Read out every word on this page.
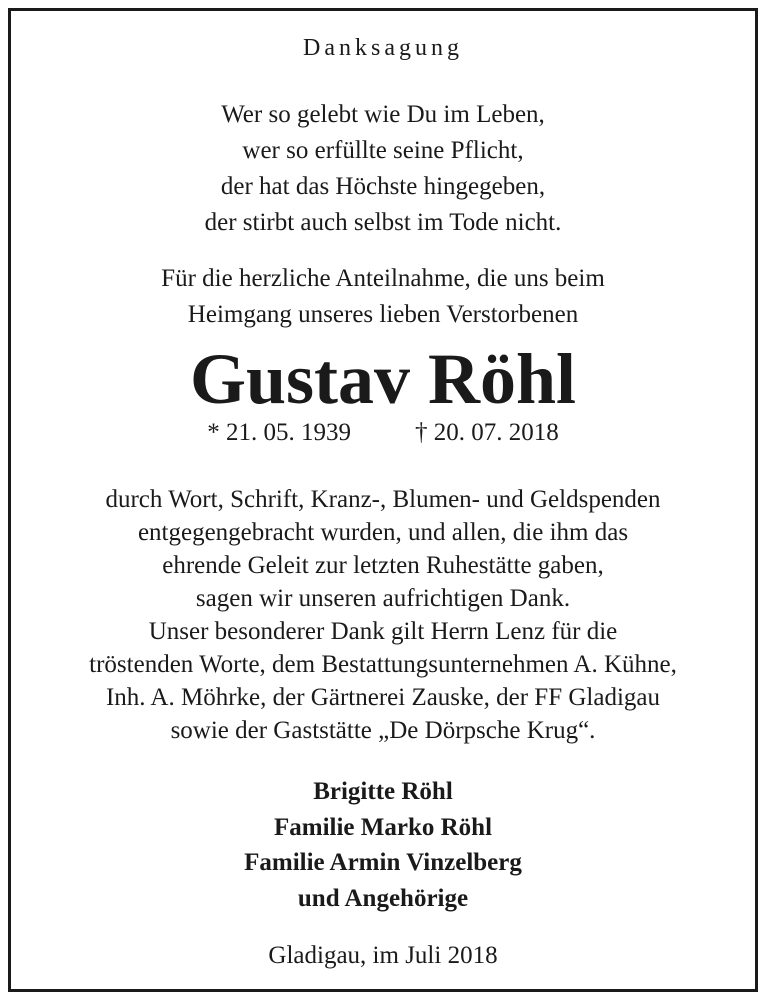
Danksagung
Wer so gelebt wie Du im Leben,
wer so erfüllte seine Pflicht,
der hat das Höchste hingegeben,
der stirbt auch selbst im Tode nicht.
Für die herzliche Anteilnahme, die uns beim
Heimgang unseres lieben Verstorbenen
Gustav Röhl
* 21. 05. 1939	† 20. 07. 2018
durch Wort, Schrift, Kranz-, Blumen- und Geldspenden
entgegengebracht wurden, und allen, die ihm das
ehrende Geleit zur letzten Ruhestätte gaben,
sagen wir unseren aufrichtigen Dank.
Unser besonderer Dank gilt Herrn Lenz für die
tröstenden Worte, dem Bestattungsunternehmen A. Kühne,
Inh. A. Möhrke, der Gärtnerei Zauske, der FF Gladigau
sowie der Gaststätte „De Dörpsche Krug“.
Brigitte Röhl
Familie Marko Röhl
Familie Armin Vinzelberg
und Angehörige
Gladigau, im Juli 2018
